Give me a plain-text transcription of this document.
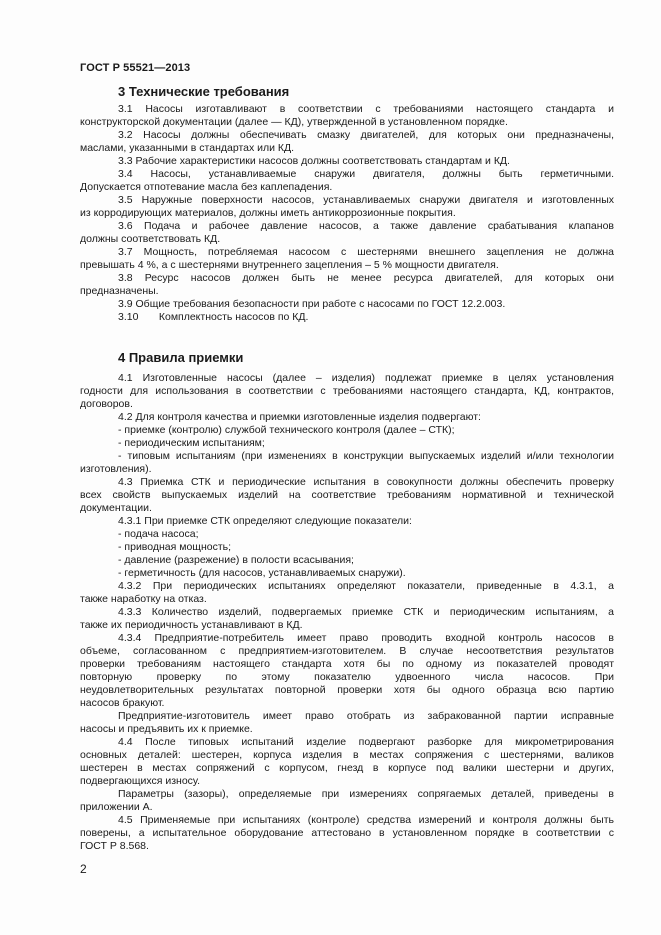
ГОСТ Р 55521—2013
3 Технические требования
3.1 Насосы изготавливают в соответствии с требованиями настоящего стандарта и
конструкторской документации (далее — КД), утвержденной в установленном порядке.
3.2 Насосы должны обеспечивать смазку двигателей, для которых они предназначены,
маслами, указанными в стандартах или КД.
3.3 Рабочие характеристики насосов должны соответствовать стандартам и КД.
3.4 Насосы, устанавливаемые снаружи двигателя, должны быть герметичными.
Допускается отпотевание масла без каплепадения.
3.5 Наружные поверхности насосов, устанавливаемых снаружи двигателя и изготовленных
из корродирующих материалов, должны иметь антикоррозионные покрытия.
3.6 Подача и рабочее давление насосов, а также давление срабатывания клапанов
должны соответствовать КД.
3.7 Мощность, потребляемая насосом с шестернями внешнего зацепления не должна
превышать 4 %, а с шестернями внутреннего зацепления – 5 % мощности двигателя.
3.8 Ресурс насосов должен быть не менее ресурса двигателей, для которых они
предназначены.
3.9 Общие требования безопасности при работе с насосами по ГОСТ 12.2.003.
3.10       Комплектность насосов по КД.
4 Правила приемки
4.1 Изготовленные насосы (далее – изделия) подлежат приемке в целях установления
годности для использования в соответствии с требованиями настоящего стандарта, КД, контрактов,
договоров.
4.2 Для контроля качества и приемки изготовленные изделия подвергают:
- приемке (контролю) службой технического контроля (далее – СТК);
- периодическим испытаниям;
- типовым испытаниям (при изменениях в конструкции выпускаемых изделий и/или технологии
изготовления).
4.3 Приемка СТК и периодические испытания в совокупности должны обеспечить проверку
всех свойств выпускаемых изделий на соответствие требованиям нормативной и технической
документации.
4.3.1 При приемке СТК определяют следующие показатели:
- подача насоса;
- приводная мощность;
- давление (разрежение) в полости всасывания;
- герметичность (для насосов, устанавливаемых снаружи).
4.3.2 При периодических испытаниях определяют показатели, приведенные в 4.3.1, а
также наработку на отказ.
4.3.3 Количество изделий, подвергаемых приемке СТК и периодическим испытаниям, а
также их периодичность устанавливают в КД.
4.3.4 Предприятие-потребитель имеет право проводить входной контроль насосов в
объеме, согласованном с предприятием-изготовителем. В случае несоответствия результатов
проверки требованиям настоящего стандарта хотя бы по одному из показателей проводят
повторную проверку по этому показателю удвоенного числа насосов. При
неудовлетворительных результатах повторной проверки хотя бы одного образца всю партию
насосов бракуют.
Предприятие-изготовитель имеет право отобрать из забракованной партии исправные
насосы и предъявить их к приемке.
4.4 После типовых испытаний изделие подвергают разборке для микрометрирования
основных деталей: шестерен, корпуса изделия в местах сопряжения с шестернями, валиков
шестерен в местах сопряжений с корпусом, гнезд в корпусе под валики шестерни и других,
подвергающихся износу.
Параметры (зазоры), определяемые при измерениях сопрягаемых деталей, приведены в
приложении А.
4.5 Применяемые при испытаниях (контроле) средства измерений и контроля должны быть
поверены, а испытательное оборудование аттестовано в установленном порядке в соответствии с
ГОСТ Р 8.568.
2
